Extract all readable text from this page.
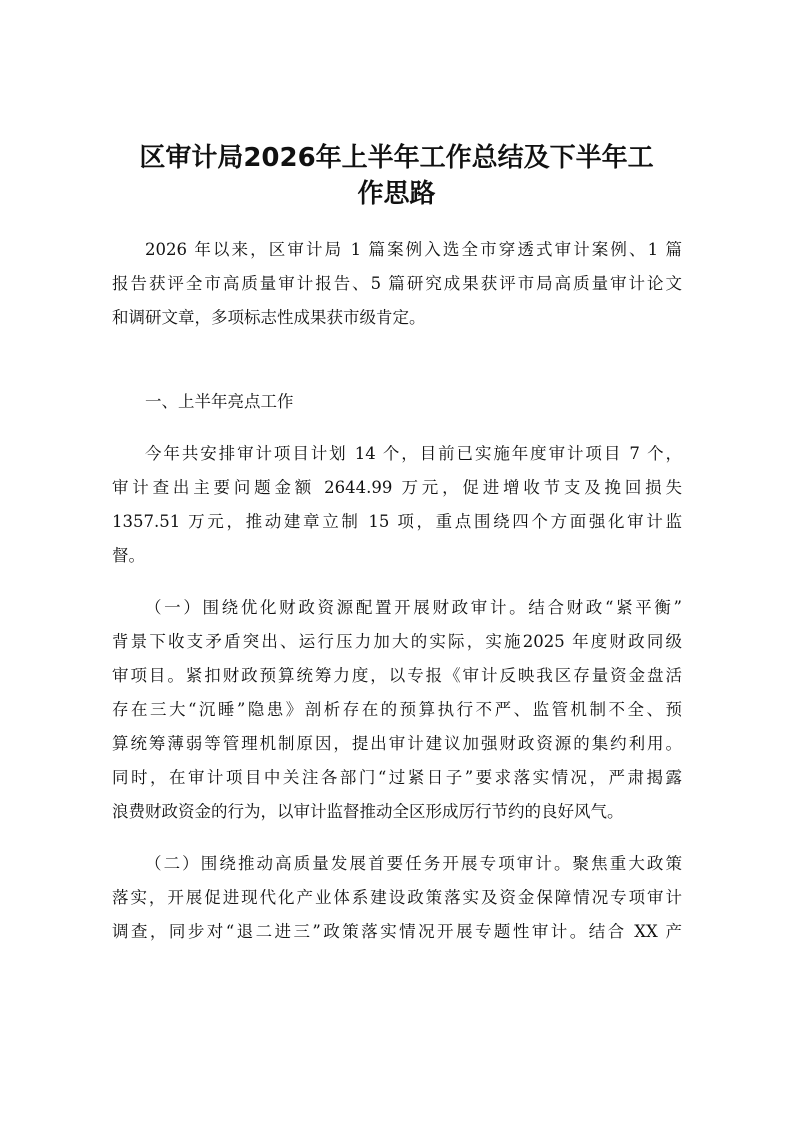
区审计局2026年上半年工作总结及下半年工
作思路
2026 年以来，区审计局 1 篇案例入选全市穿透式审计案例、1 篇
报告获评全市高质量审计报告、5 篇研究成果获评市局高质量审计论文
和调研文章，多项标志性成果获市级肯定。
一、上半年亮点工作
今年共安排审计项目计划 14 个，目前已实施年度审计项目 7 个，
审计查出主要问题金额 2644.99 万元，促进增收节支及挽回损失
1357.51 万元，推动建章立制 15 项，重点围绕四个方面强化审计监
督。
（一）围绕优化财政资源配置开展财政审计。结合财政“紧平衡”
背景下收支矛盾突出、运行压力加大的实际，实施2025 年度财政同级
审项目。紧扣财政预算统筹力度，以专报《审计反映我区存量资金盘活
存在三大“沉睡”隐患》剖析存在的预算执行不严、监管机制不全、预
算统筹薄弱等管理机制原因，提出审计建议加强财政资源的集约利用。
同时，在审计项目中关注各部门“过紧日子”要求落实情况，严肃揭露
浪费财政资金的行为，以审计监督推动全区形成厉行节约的良好风气。
（二）围绕推动高质量发展首要任务开展专项审计。聚焦重大政策
落实，开展促进现代化产业体系建设政策落实及资金保障情况专项审计
调查，同步对“退二进三”政策落实情况开展专题性审计。结合 XX 产
